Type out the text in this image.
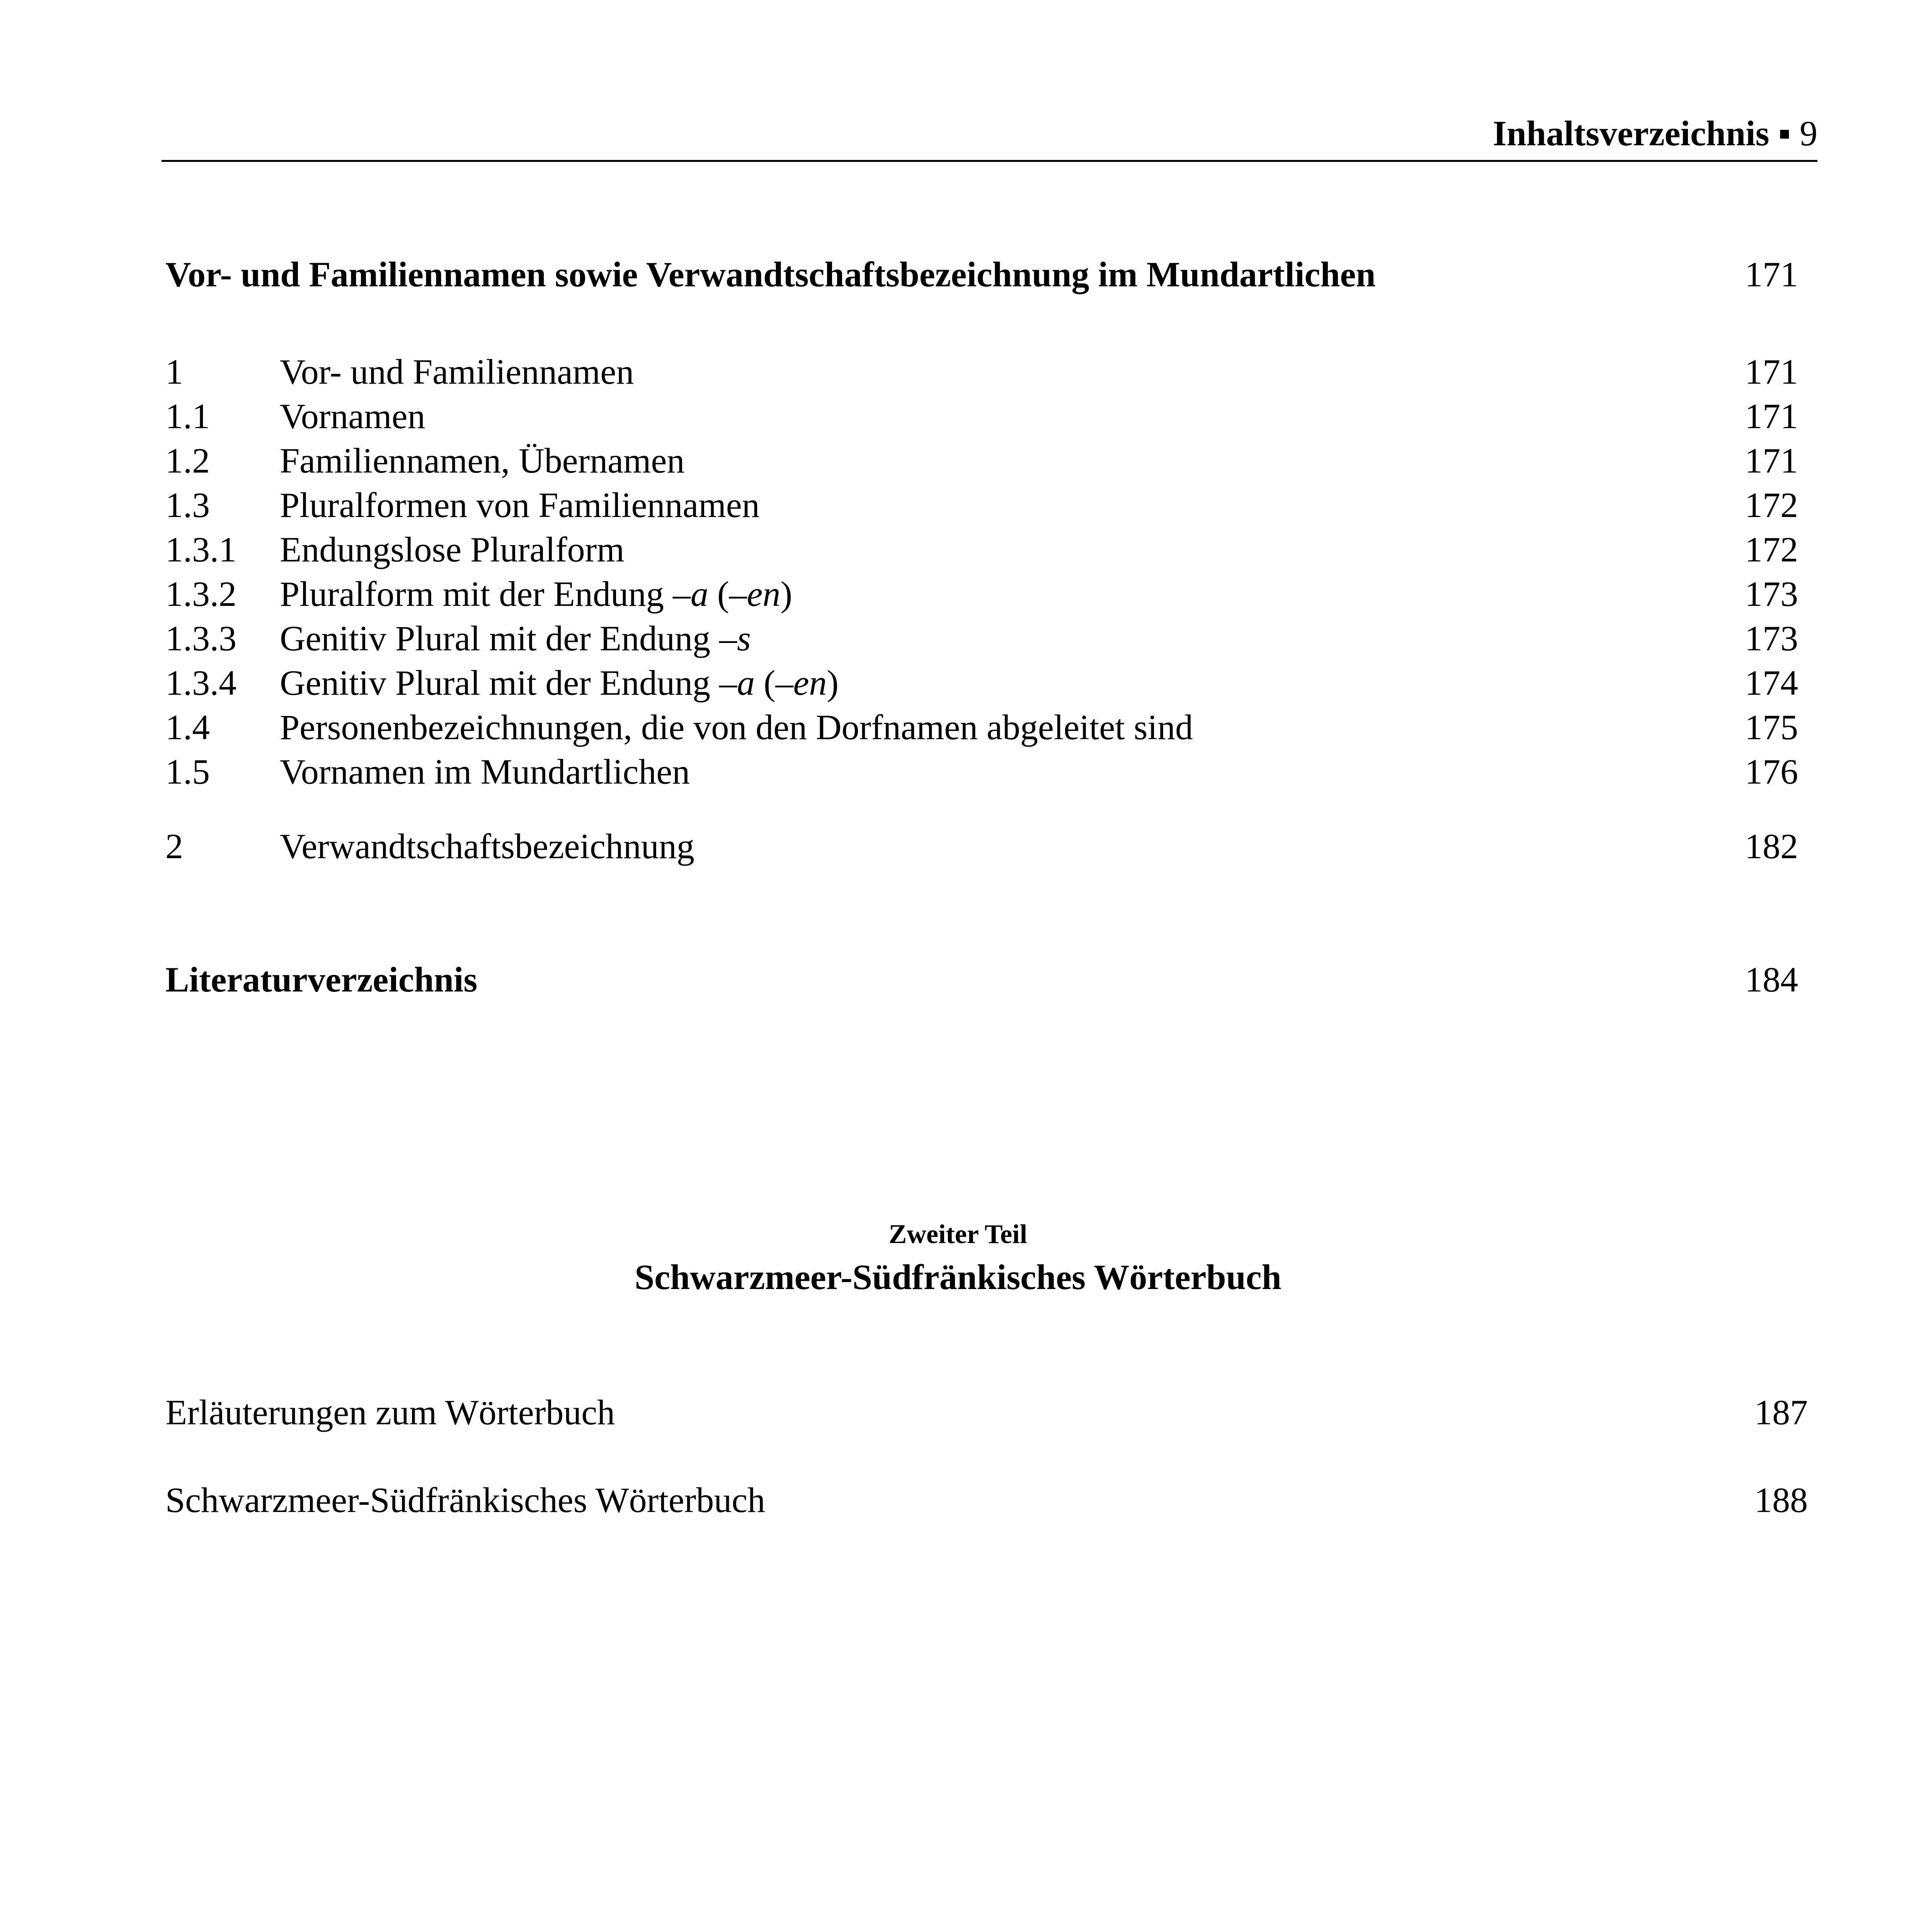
Inhaltsverzeichnis ▪ 9
Vor- und Familiennamen sowie Verwandtschaftsbezeichnung im Mundartlichen	171
1	Vor- und Familiennamen	171
1.1 Vornamen	171
1.2 Familiennamen, Übernamen	171
1.3 Pluralformen von Familiennamen	172
1.3.1 Endungslose Pluralform	172
1.3.2 Pluralform mit der Endung –a (–en)	173
1.3.3 Genitiv Plural mit der Endung –s	173
1.3.4 Genitiv Plural mit der Endung –a (–en)	174
1.4 Personenbezeichnungen, die von den Dorfnamen abgeleitet sind	175
1.5 Vornamen im Mundartlichen	176
2	Verwandtschaftsbezeichnung	182
Literaturverzeichnis	184
Zweiter Teil
Schwarzmeer-Südfränkisches Wörterbuch
Erläuterungen zum Wörterbuch	187
Schwarzmeer-Südfränkisches Wörterbuch	188
